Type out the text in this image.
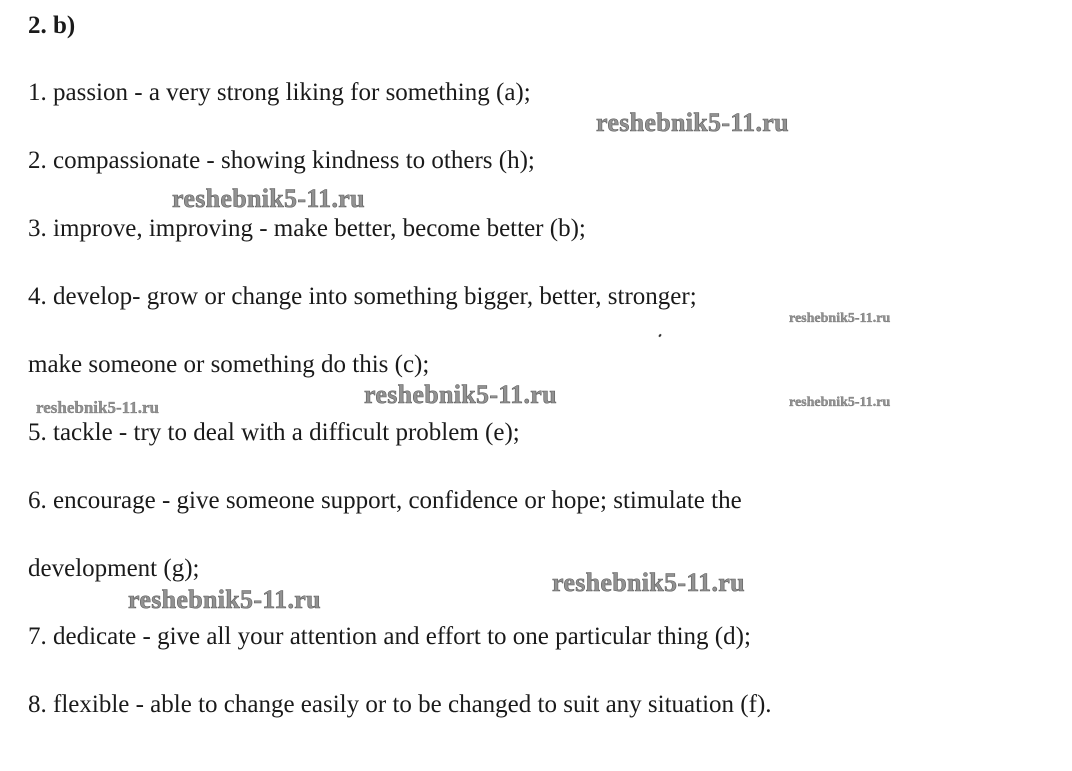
2. b)
1. passion - a very strong liking for something (a);
2. compassionate - showing kindness to others (h);
3. improve, improving - make better, become better (b);
4. develop- grow or change into something bigger, better, stronger;
make someone or something do this (c);
5. tackle - try to deal with a difficult problem (e);
6. encourage - give someone support, confidence or hope; stimulate the
development (g);
7. dedicate - give all your attention and effort to one particular thing (d);
8. flexible - able to change easily or to be changed to suit any situation (f).
reshebnik5-11.ru
reshebnik5-11.ru
reshebnik5-11.ru
reshebnik5-11.ru
reshebnik5-11.ru	reshebnik5-11.ru
reshebnik5-11.ru
reshebnik5-11.ru
